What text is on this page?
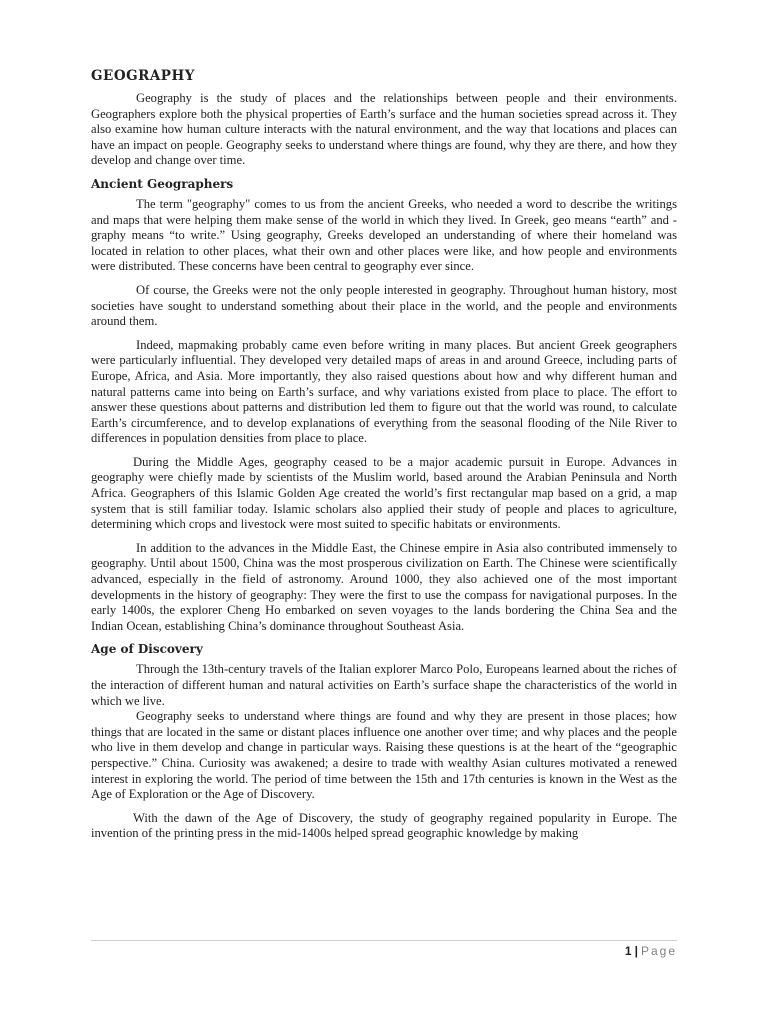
GEOGRAPHY

Geography is the study of places and the relationships between people and their environments. Geographers explore both the physical properties of Earth’s surface and the human societies spread across it. They also examine how human culture interacts with the natural environment, and the way that locations and places can have an impact on people. Geography seeks to understand where things are found, why they are there, and how they develop and change over time.

Ancient Geographers

The term "geography" comes to us from the ancient Greeks, who needed a word to describe the writings and maps that were helping them make sense of the world in which they lived. In Greek, geo means “earth” and -graphy means “to write.” Using geography, Greeks developed an understanding of where their homeland was located in relation to other places, what their own and other places were like, and how people and environments were distributed. These concerns have been central to geography ever since.

Of course, the Greeks were not the only people interested in geography. Throughout human history, most societies have sought to understand something about their place in the world, and the people and environments around them.

Indeed, mapmaking probably came even before writing in many places. But ancient Greek geographers were particularly influential. They developed very detailed maps of areas in and around Greece, including parts of Europe, Africa, and Asia. More importantly, they also raised questions about how and why different human and natural patterns came into being on Earth’s surface, and why variations existed from place to place. The effort to answer these questions about patterns and distribution led them to figure out that the world was round, to calculate Earth’s circumference, and to develop explanations of everything from the seasonal flooding of the Nile River to differences in population densities from place to place.

During the Middle Ages, geography ceased to be a major academic pursuit in Europe. Advances in geography were chiefly made by scientists of the Muslim world, based around the Arabian Peninsula and North Africa. Geographers of this Islamic Golden Age created the world’s first rectangular map based on a grid, a map system that is still familiar today. Islamic scholars also applied their study of people and places to agriculture, determining which crops and livestock were most suited to specific habitats or environments.

In addition to the advances in the Middle East, the Chinese empire in Asia also contributed immensely to geography. Until about 1500, China was the most prosperous civilization on Earth. The Chinese were scientifically advanced, especially in the field of astronomy. Around 1000, they also achieved one of the most important developments in the history of geography: They were the first to use the compass for navigational purposes. In the early 1400s, the explorer Cheng Ho embarked on seven voyages to the lands bordering the China Sea and the Indian Ocean, establishing China’s dominance throughout Southeast Asia.

Age of Discovery

Through the 13th-century travels of the Italian explorer Marco Polo, Europeans learned about the riches of the interaction of different human and natural activities on Earth’s surface shape the characteristics of the world in which we live.

Geography seeks to understand where things are found and why they are present in those places; how things that are located in the same or distant places influence one another over time; and why places and the people who live in them develop and change in particular ways. Raising these questions is at the heart of the “geographic perspective.” China. Curiosity was awakened; a desire to trade with wealthy Asian cultures motivated a renewed interest in exploring the world. The period of time between the 15th and 17th centuries is known in the West as the Age of Exploration or the Age of Discovery.

With the dawn of the Age of Discovery, the study of geography regained popularity in Europe. The invention of the printing press in the mid-1400s helped spread geographic knowledge by making

1 | Page
